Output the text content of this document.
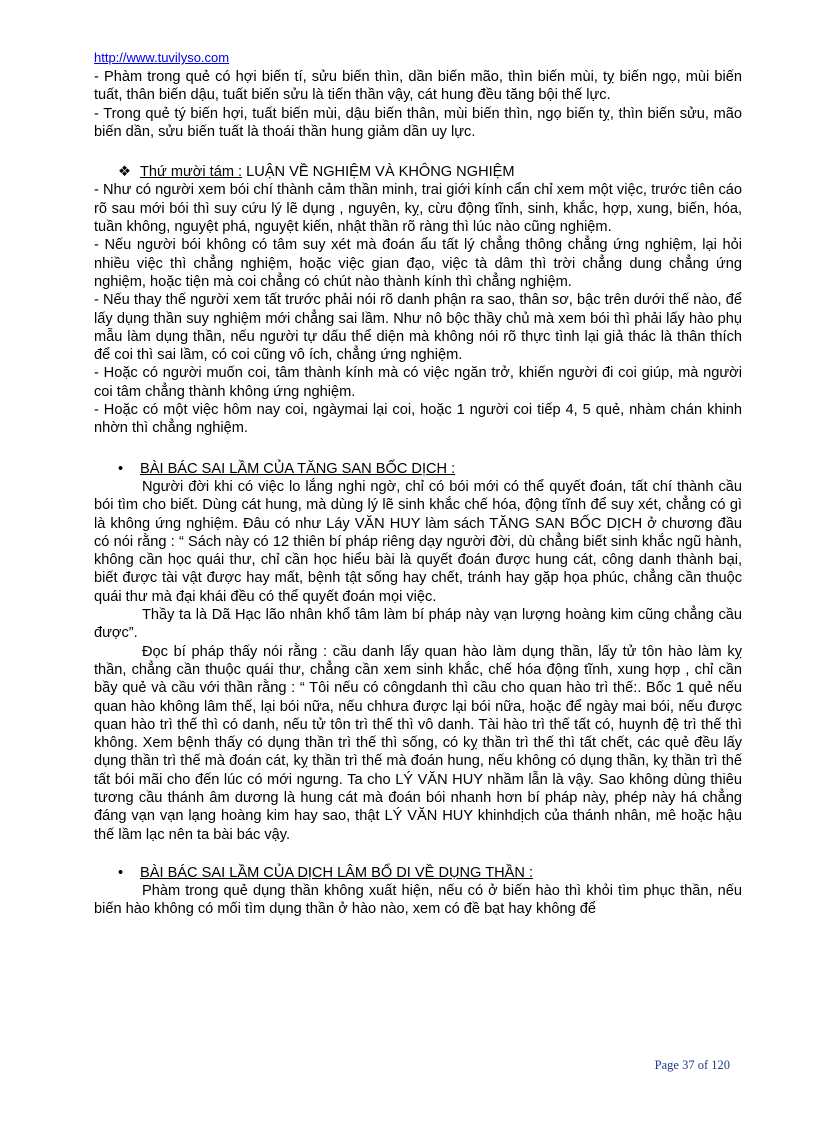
http://www.tuvilyso.com

- Phàm trong quẻ có hợi biến tí, sửu biến thìn, dần biến mão, thìn biến mùi, tỵ biến ngọ, mùi biến tuất, thân biến dậu, tuất biến sửu là tiến thần vậy, cát hung đều tăng bội thế lực.

- Trong quẻ tý biến hợi, tuất biến mùi, dậu biến thân, mùi biến thìn, ngọ biến tỵ, thìn biến sửu, mão biến dần, sửu biến tuất là thoái thần hung giảm dần uy lực.

❖ Thứ mười tám : LUẬN VỀ NGHIỆM VÀ KHÔNG NGHIỆM

- Như có người xem bói chí thành cảm thần minh, trai giới kính cẩn chỉ xem một việc, trước tiên cáo rõ sau mới bói thì suy cứu lý lẽ dụng , nguyên, kỵ, cừu động tĩnh, sinh, khắc, hợp, xung, biến, hóa, tuần không, nguyệt phá, nguyệt kiến, nhật thần rõ ràng thì lúc nào cũng nghiệm.

- Nếu người bói không có tâm suy xét mà đoán ẩu tất lý chẳng thông chẳng ứng nghiệm, lại hỏi nhiều việc thì chẳng nghiệm, hoặc việc gian đạo, việc tà dâm thì trời chẳng dung chẳng ứng nghiệm, hoặc tiện mà coi chẳng có chút nào thành kính thì chẳng nghiệm.

- Nếu thay thế người xem tất trước phải nói rõ danh phận ra sao, thân sơ, bậc trên dưới thế nào, để lấy dụng thần suy nghiệm mới chẳng sai lầm. Như nô bộc thầy chủ mà xem bói thì phải lấy hào phụ mẫu làm dụng thần, nếu người tự dấu thể diện mà không nói rõ thực tình lại giả thác là thân thích để coi thì sai lầm, có coi cũng vô ích, chẳng ứng nghiệm.

- Hoặc có người muốn coi, tâm thành kính mà có việc ngăn trở, khiến người đi coi giúp, mà người coi tâm chẳng thành không ứng nghiệm.

- Hoặc có một việc hôm nay coi, ngàymai lại coi, hoặc 1 người coi tiếp 4, 5 quẻ, nhàm chán khinh nhờn thì chẳng nghiệm.

•	BÀI BÁC SAI LẦM CỦA TĂNG SAN BỐC DỊCH :

Người đời khi có việc lo lắng nghi ngờ, chỉ có bói mới có thể quyết đoán, tất chí thành cầu bói tìm cho biết. Dùng cát hung, mà dùng lý lẽ sinh khắc chế hóa, động tĩnh để suy xét, chẳng có gì là không ứng nghiệm. Đâu có như Láy VĂN HUY làm sách TĂNG SAN BỐC DỊCH ở chương đầu có nói rằng : “ Sách này có 12 thiên bí pháp riêng dạy người đời, dù chẳng biết sinh khắc ngũ hành, không cần học quái thư, chỉ cần học hiểu bài là quyết đoán được hung cát, công danh thành bại, biết được tài vật được hay mất, bệnh tật sống hay chết, tránh hay gặp họa phúc, chẳng cần thuộc quái thư mà đại khái đều có thể quyết đoán mọi việc.

Thầy ta là Dã Hạc lão nhân khổ tâm làm bí pháp này vạn lượng hoàng kim cũng chẳng cầu được”.

Đọc bí pháp thấy nói rằng : cầu danh lấy quan hào làm dụng thần, lấy tử tôn hào làm kỵ thần, chẳng cần thuộc quái thư, chẳng cần xem sinh khắc, chế hóa động tĩnh, xung hợp , chỉ cần bầy quẻ và cầu với thần rằng : “ Tôi nếu có côngdanh thì cầu cho quan hào trì thế:. Bốc 1 quẻ nếu quan hào không lâm thế, lại bói nữa, nếu chhưa được lại bói nữa, hoặc để ngày mai bói, nếu được quan hào trì thế thì có danh, nếu tử tôn trì thế thì vô danh. Tài hào trì thế tất có, huynh đệ trì thế thì không. Xem bệnh thấy có dụng thần trì thế thì sống, có kỵ thần trì thế thì tất chết, các quẻ đều lấy dụng thần trì thế mà đoán cát, kỵ thần trì thế mà đoán hung, nếu không có dụng thần, kỵ thần trì thế tất bói mãi cho đến lúc có mới ngưng. Ta cho LÝ VĂN HUY nhầm lẫn là vậy. Sao không dùng thiêu tương cầu thánh âm dương là hung cát mà đoán bói nhanh hơn bí pháp này, phép này há chẳng đáng vạn vạn lạng hoàng kim hay sao, thật LÝ VĂN HUY khinhdịch của thánh nhân, mê hoặc hậu thế lầm lạc nên ta bài bác vậy.

•	BÀI BÁC SAI LẦM CỦA DỊCH LÂM BỔ DI VỀ DỤNG THẦN :

Phàm trong quẻ dụng thần không xuất hiện, nếu có ở biến hào thì khỏi tìm phục thần, nếu biến hào không có mối tìm dụng thần ở hào nào, xem có đề bạt hay không để

Page 37 of 120
